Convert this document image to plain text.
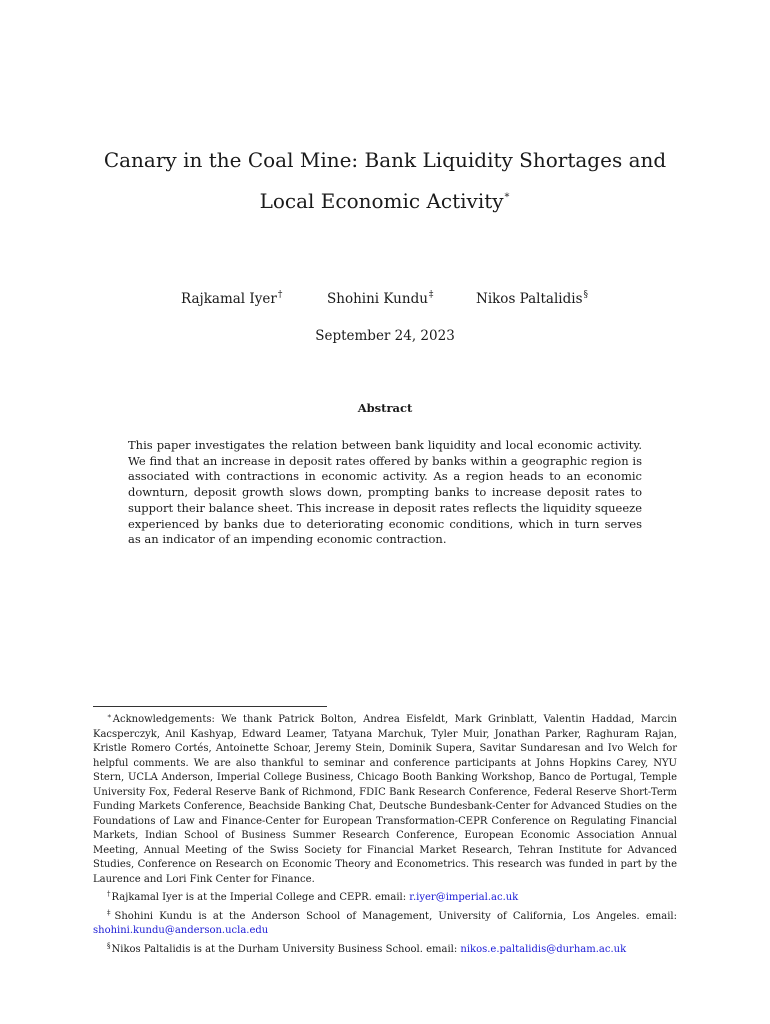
Canary in the Coal Mine: Bank Liquidity Shortages and
Local Economic Activity∗
Rajkamal Iyer†	Shohini Kundu‡	Nikos Paltalidis§
September 24, 2023
Abstract

This paper investigates the relation between bank liquidity and local economic activity. We find that an increase in deposit rates offered by banks within a geographic region is associated with contractions in economic activity. As a region heads to an economic downturn, deposit growth slows down, prompting banks to increase deposit rates to support their balance sheet. This increase in deposit rates reflects the liquidity squeeze experienced by banks due to deteriorating economic conditions, which in turn serves as an indicator of an impending economic contraction.

∗Acknowledgements: We thank Patrick Bolton, Andrea Eisfeldt, Mark Grinblatt, Valentin Haddad, Marcin Kacsperczyk, Anil Kashyap, Edward Leamer, Tatyana Marchuk, Tyler Muir, Jonathan Parker, Raghuram Rajan, Kristle Romero Cortés, Antoinette Schoar, Jeremy Stein, Dominik Supera, Savitar Sundaresan and Ivo Welch for helpful comments. We are also thankful to seminar and conference participants at Johns Hopkins Carey, NYU Stern, UCLA Anderson, Imperial College Business, Chicago Booth Banking Workshop, Banco de Portugal, Temple University Fox, Federal Reserve Bank of Richmond, FDIC Bank Research Conference, Federal Reserve Short-Term Funding Markets Conference, Beachside Banking Chat, Deutsche Bundesbank-Center for Advanced Studies on the Foundations of Law and Finance-Center for European Transformation-CEPR Conference on Regulating Financial Markets, Indian School of Business Summer Research Conference, European Economic Association Annual Meeting, Annual Meeting of the Swiss Society for Financial Market Research, Tehran Institute for Advanced Studies, Conference on Research on Economic Theory and Econometrics. This research was funded in part by the Laurence and Lori Fink Center for Finance.

†Rajkamal Iyer is at the Imperial College and CEPR. email: r.iyer@imperial.ac.uk

‡Shohini Kundu is at the Anderson School of Management, University of California, Los Angeles. email: shohini.kundu@anderson.ucla.edu

§Nikos Paltalidis is at the Durham University Business School. email: nikos.e.paltalidis@durham.ac.uk
